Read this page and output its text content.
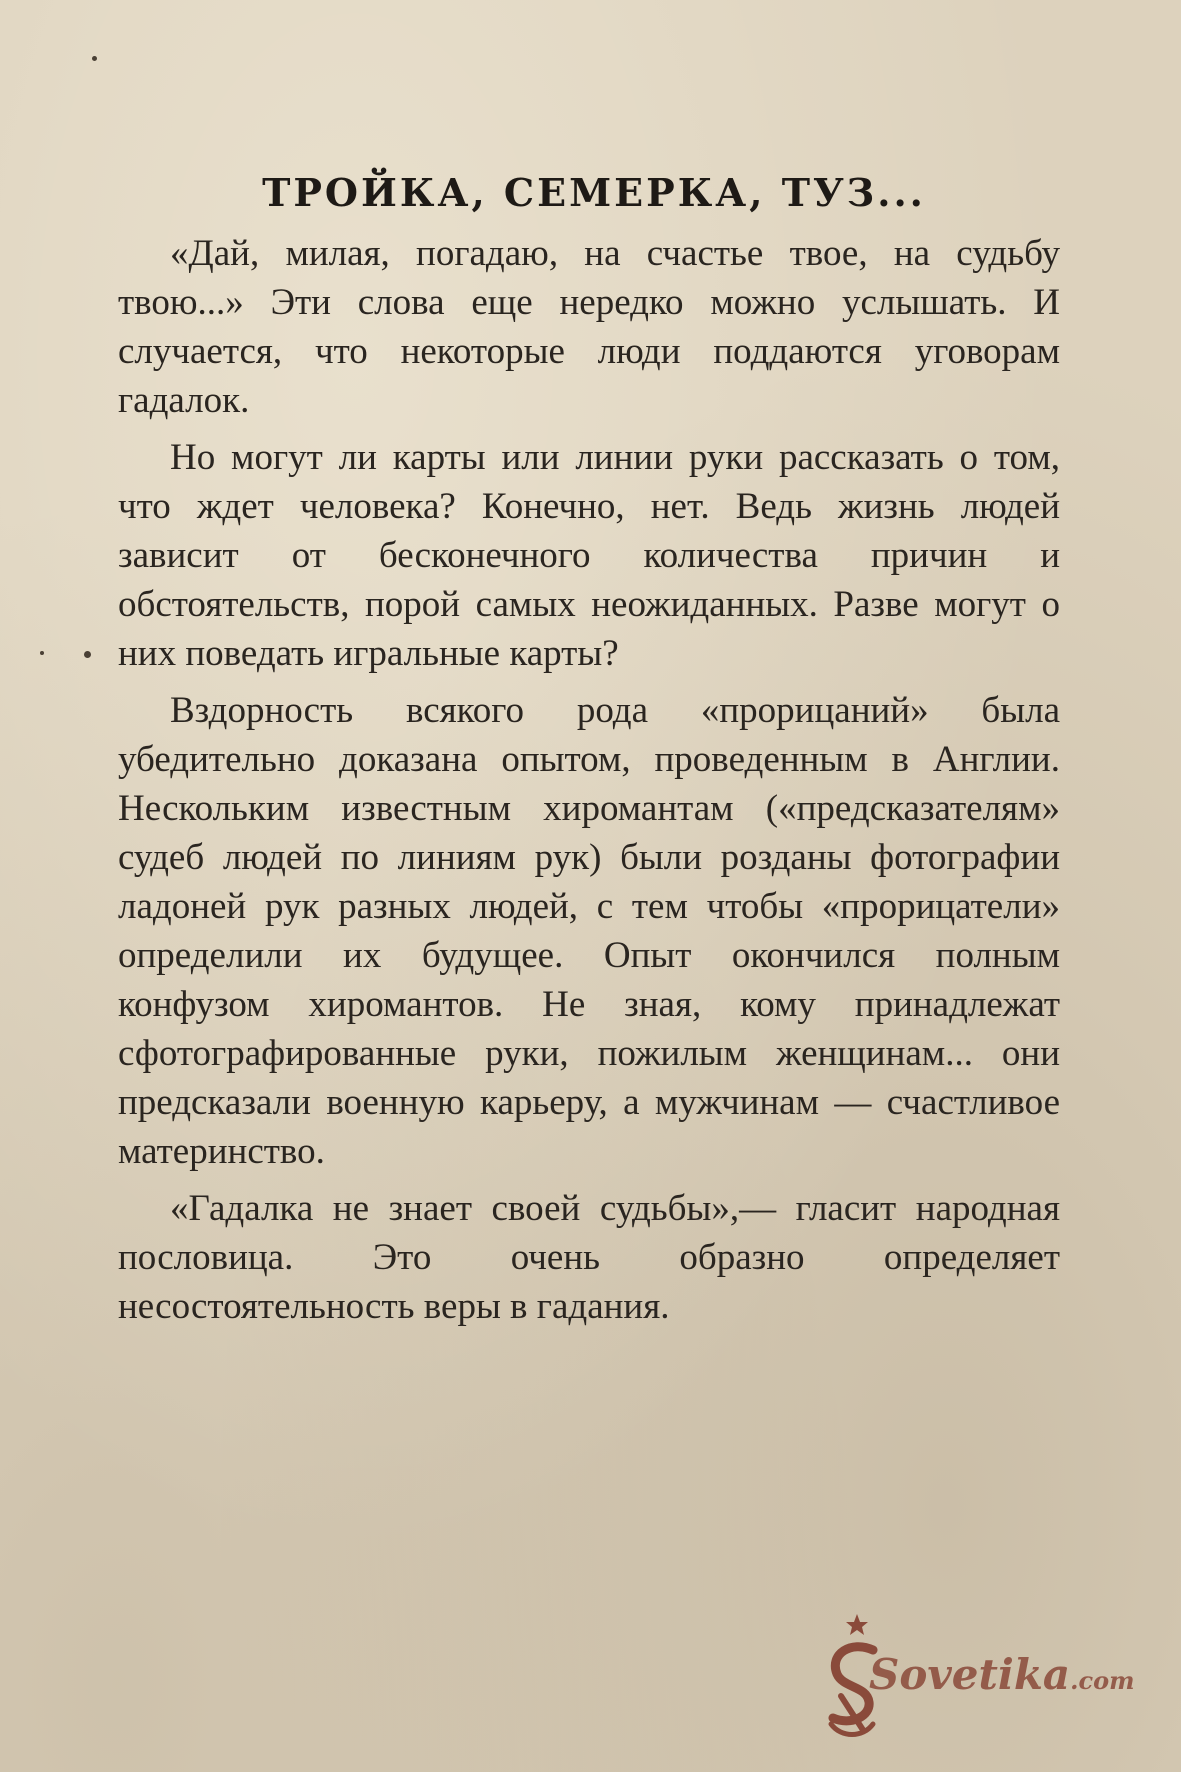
ТРОЙКА, СЕМЕРКА, ТУЗ...

«Дай, милая, погадаю, на счастье твое, на судьбу твою...» Эти слова еще нередко можно услышать. И случается, что некоторые люди поддаются уговорам гадалок.

Но могут ли карты или линии руки рассказать о том, что ждет человека? Конечно, нет. Ведь жизнь людей зависит от бесконечного количества причин и обстоятельств, порой самых неожиданных. Разве могут о них поведать игральные карты?

Вздорность всякого рода «прорицаний» была убедительно доказана опытом, проведенным в Англии. Нескольким известным хиромантам («предсказателям» судеб людей по линиям рук) были розданы фотографии ладоней рук разных людей, с тем чтобы «прорицатели» определили их будущее. Опыт окончился полным конфузом хиромантов. Не зная, кому принадлежат сфотографированные руки, пожилым женщинам... они предсказали военную карьеру, а мужчинам — счастливое материнство.

«Гадалка не знает своей судьбы»,— гласит народная пословица. Это очень образно определяет несостоятельность веры в гадания.

Sovetika.com
